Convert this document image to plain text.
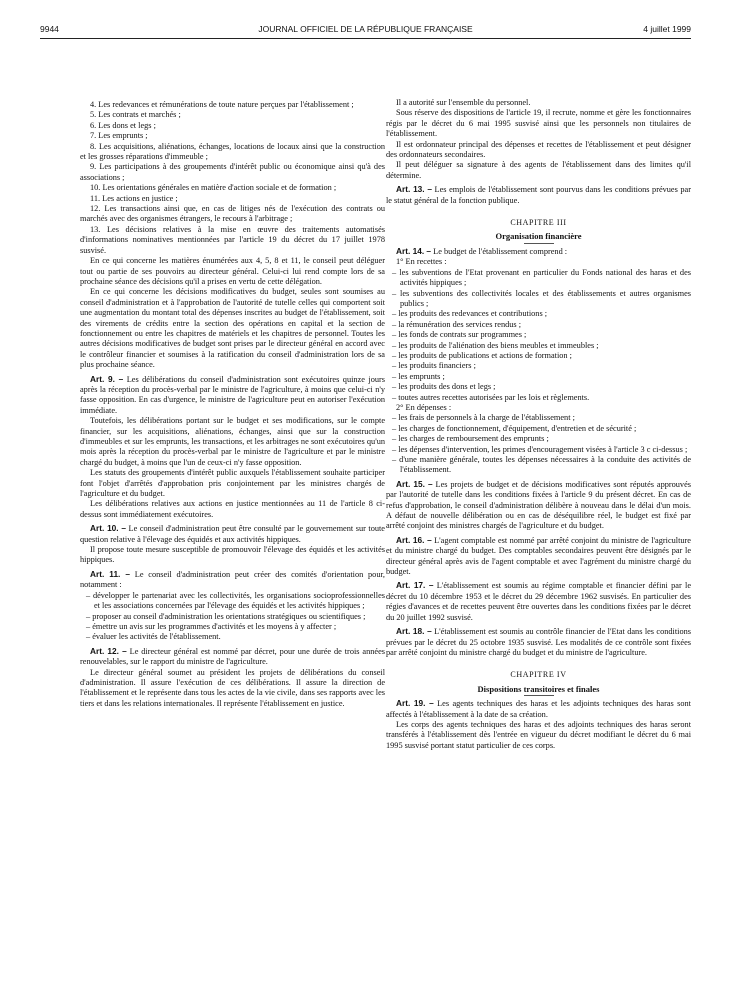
9944	JOURNAL OFFICIEL DE LA RÉPUBLIQUE FRANÇAISE	4 juillet 1999

4. Les redevances et rémunérations de toute nature perçues par l'établissement ;

5. Les contrats et marchés ;

6. Les dons et legs ;

7. Les emprunts ;

8. Les acquisitions, aliénations, échanges, locations de locaux ainsi que la construction et les grosses réparations d'immeuble ;

9. Les participations à des groupements d'intérêt public ou économique ainsi qu'à des associations ;

10. Les orientations générales en matière d'action sociale et de formation ;

11. Les actions en justice ;

12. Les transactions ainsi que, en cas de litiges nés de l'exécution des contrats ou marchés avec des organismes étrangers, le recours à l'arbitrage ;

13. Les décisions relatives à la mise en œuvre des traitements automatisés d'informations nominatives mentionnées par l'article 19 du décret du 17 juillet 1978 susvisé.

En ce qui concerne les matières énumérées aux 4, 5, 8 et 11, le conseil peut déléguer tout ou partie de ses pouvoirs au directeur général. Celui-ci lui rend compte lors de sa prochaine séance des décisions qu'il a prises en vertu de cette délégation.

En ce qui concerne les décisions modificatives du budget, seules sont soumises au conseil d'administration et à l'approbation de l'autorité de tutelle celles qui comportent soit une augmentation du montant total des dépenses inscrites au budget de l'établissement, soit des virements de crédits entre la section des opérations en capital et la section de fonctionnement ou entre les chapitres de matériels et les chapitres de personnel. Toutes les autres décisions modificatives de budget sont prises par le directeur général en accord avec le contrôleur financier et soumises à la ratification du conseil d'administration lors de sa plus prochaine séance.

Art. 9. – Les délibérations du conseil d'administration sont exécutoires quinze jours après la réception du procès-verbal par le ministre de l'agriculture, à moins que celui-ci n'y fasse opposition. En cas d'urgence, le ministre de l'agriculture peut en autoriser l'exécution immédiate.

Toutefois, les délibérations portant sur le budget et ses modifications, sur le compte financier, sur les acquisitions, aliénations, échanges, ainsi que sur la construction d'immeubles et sur les emprunts, les transactions, et les arbitrages ne sont exécutoires qu'un mois après la réception du procès-verbal par le ministre de l'agriculture et par le ministre chargé du budget, à moins que l'un de ceux-ci n'y fasse opposition.

Les statuts des groupements d'intérêt public auxquels l'établissement souhaite participer font l'objet d'arrêtés d'approbation pris conjointement par les ministres chargés de l'agriculture et du budget.

Les délibérations relatives aux actions en justice mentionnées au 11 de l'article 8 ci-dessus sont immédiatement exécutoires.

Art. 10. – Le conseil d'administration peut être consulté par le gouvernement sur toute question relative à l'élevage des équidés et aux activités hippiques.

Il propose toute mesure susceptible de promouvoir l'élevage des équidés et les activités hippiques.

Art. 11. – Le conseil d'administration peut créer des comités d'orientation pour, notamment :

– développer le partenariat avec les collectivités, les organisations socioprofessionnelles et les associations concernées par l'élevage des équidés et les activités hippiques ;

– proposer au conseil d'administration les orientations stratégiques ou scientifiques ;

– émettre un avis sur les programmes d'activités et les moyens à y affecter ;

– évaluer les activités de l'établissement.

Art. 12. – Le directeur général est nommé par décret, pour une durée de trois années renouvelables, sur le rapport du ministre de l'agriculture.

Le directeur général soumet au président les projets de délibérations du conseil d'administration. Il assure l'exécution de ces délibérations. Il assure la direction de l'établissement et le représente dans tous les actes de la vie civile, dans ses rapports avec les tiers et dans les relations internationales. Il représente l'établissement en justice.

Il a autorité sur l'ensemble du personnel.

Sous réserve des dispositions de l'article 19, il recrute, nomme et gère les fonctionnaires régis par le décret du 6 mai 1995 susvisé ainsi que les personnels non titulaires de l'établissement.

Il est ordonnateur principal des dépenses et recettes de l'établissement et peut désigner des ordonnateurs secondaires.

Il peut déléguer sa signature à des agents de l'établissement dans des limites qu'il détermine.

Art. 13. – Les emplois de l'établissement sont pourvus dans les conditions prévues par le statut général de la fonction publique.

CHAPITRE III
Organisation financière

Art. 14. – Le budget de l'établissement comprend :

1° En recettes :

– les subventions de l'Etat provenant en particulier du Fonds national des haras et des activités hippiques ;

– les subventions des collectivités locales et des établissements et autres organismes publics ;

– les produits des redevances et contributions ;

– la rémunération des services rendus ;

– les fonds de contrats sur programmes ;

– les produits de l'aliénation des biens meubles et immeubles ;

– les produits de publications et actions de formation ;

– les produits financiers ;

– les emprunts ;

– les produits des dons et legs ;

– toutes autres recettes autorisées par les lois et règlements.

2° En dépenses :

– les frais de personnels à la charge de l'établissement ;

– les charges de fonctionnement, d'équipement, d'entretien et de sécurité ;

– les charges de remboursement des emprunts ;

– les dépenses d'intervention, les primes d'encouragement visées à l'article 3 c ci-dessus ;

– d'une manière générale, toutes les dépenses nécessaires à la conduite des activités de l'établissement.

Art. 15. – Les projets de budget et de décisions modificatives sont réputés approuvés par l'autorité de tutelle dans les conditions fixées à l'article 9 du présent décret. En cas de refus d'approbation, le conseil d'administration délibère à nouveau dans le délai d'un mois. A défaut de nouvelle délibération ou en cas de déséquilibre réel, le budget est fixé par arrêté conjoint des ministres chargés de l'agriculture et du budget.

Art. 16. – L'agent comptable est nommé par arrêté conjoint du ministre de l'agriculture et du ministre chargé du budget. Des comptables secondaires peuvent être désignés par le directeur général après avis de l'agent comptable et avec l'agrément du ministre chargé du budget.

Art. 17. – L'établissement est soumis au régime comptable et financier défini par le décret du 10 décembre 1953 et le décret du 29 décembre 1962 susvisés. En particulier des régies d'avances et de recettes peuvent être ouvertes dans les conditions fixées par le décret du 20 juillet 1992 susvisé.

Art. 18. – L'établissement est soumis au contrôle financier de l'Etat dans les conditions prévues par le décret du 25 octobre 1935 susvisé. Les modalités de ce contrôle sont fixées par arrêté conjoint du ministre chargé du budget et du ministre de l'agriculture.

CHAPITRE IV
Dispositions transitoires et finales

Art. 19. – Les agents techniques des haras et les adjoints techniques des haras sont affectés à l'établissement à la date de sa création.

Les corps des agents techniques des haras et des adjoints techniques des haras seront transférés à l'établissement dès l'entrée en vigueur du décret modifiant le décret du 6 mai 1995 susvisé portant statut particulier de ces corps.
